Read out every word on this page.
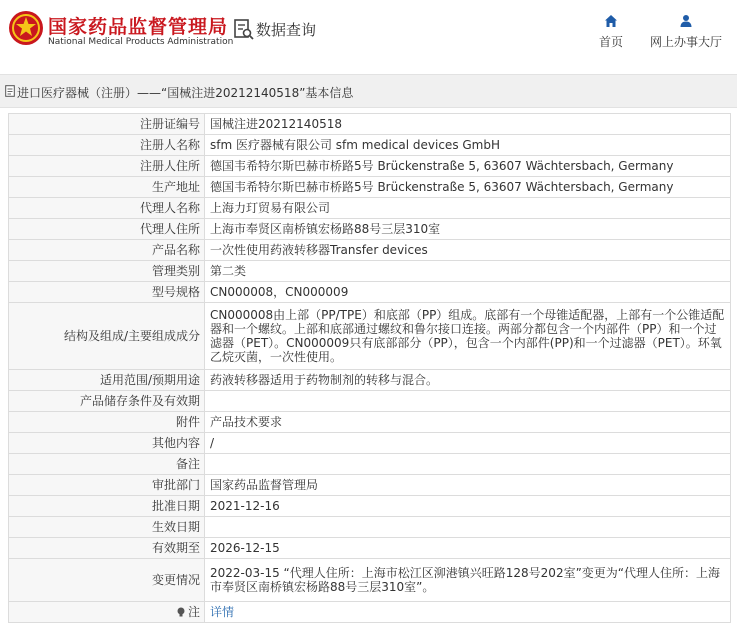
国家药品监督管理局
National Medical Products Administration
数据查询
首页 网上办事大厅
进口医疗器械（注册）——“国械注进20212140518”基本信息
注册证编号	国械注进20212140518
注册人名称	sfm 医疗器械有限公司 sfm medical devices GmbH
注册人住所	德国韦希特尔斯巴赫市桥路5号 Brückenstraße 5, 63607 Wächtersbach, Germany
生产地址	德国韦希特尔斯巴赫市桥路5号 Brückenstraße 5, 63607 Wächtersbach, Germany
代理人名称	上海力玎贸易有限公司
代理人住所	上海市奉贤区南桥镇宏杨路88号三层310室
产品名称	一次性使用药液转移器Transfer devices
管理类别	第二类
型号规格	CN000008，CN000009
结构及组成/主要组成成分	CN000008由上部（PP/TPE）和底部（PP）组成。底部有一个母锥适配器，上部有一个公锥适配器和一个螺纹。上部和底部通过螺纹和鲁尔接口连接。两部分都包含一个内部件（PP）和一个过滤器（PET）。CN000009只有底部部分（PP），包含一个内部件(PP)和一个过滤器（PET）。环氧乙烷灭菌，一次性使用。
适用范围/预期用途	药液转移器适用于药物制剂的转移与混合。
产品储存条件及有效期	
附件	产品技术要求
其他内容	/
备注	
审批部门	国家药品监督管理局
批准日期	2021-12-16
生效日期	
有效期至	2026-12-15
变更情况	2022-03-15 “代理人住所：上海市松江区泖港镇兴旺路128号202室”变更为“代理人住所：上海市奉贤区南桥镇宏杨路88号三层310室”。
注	详情
